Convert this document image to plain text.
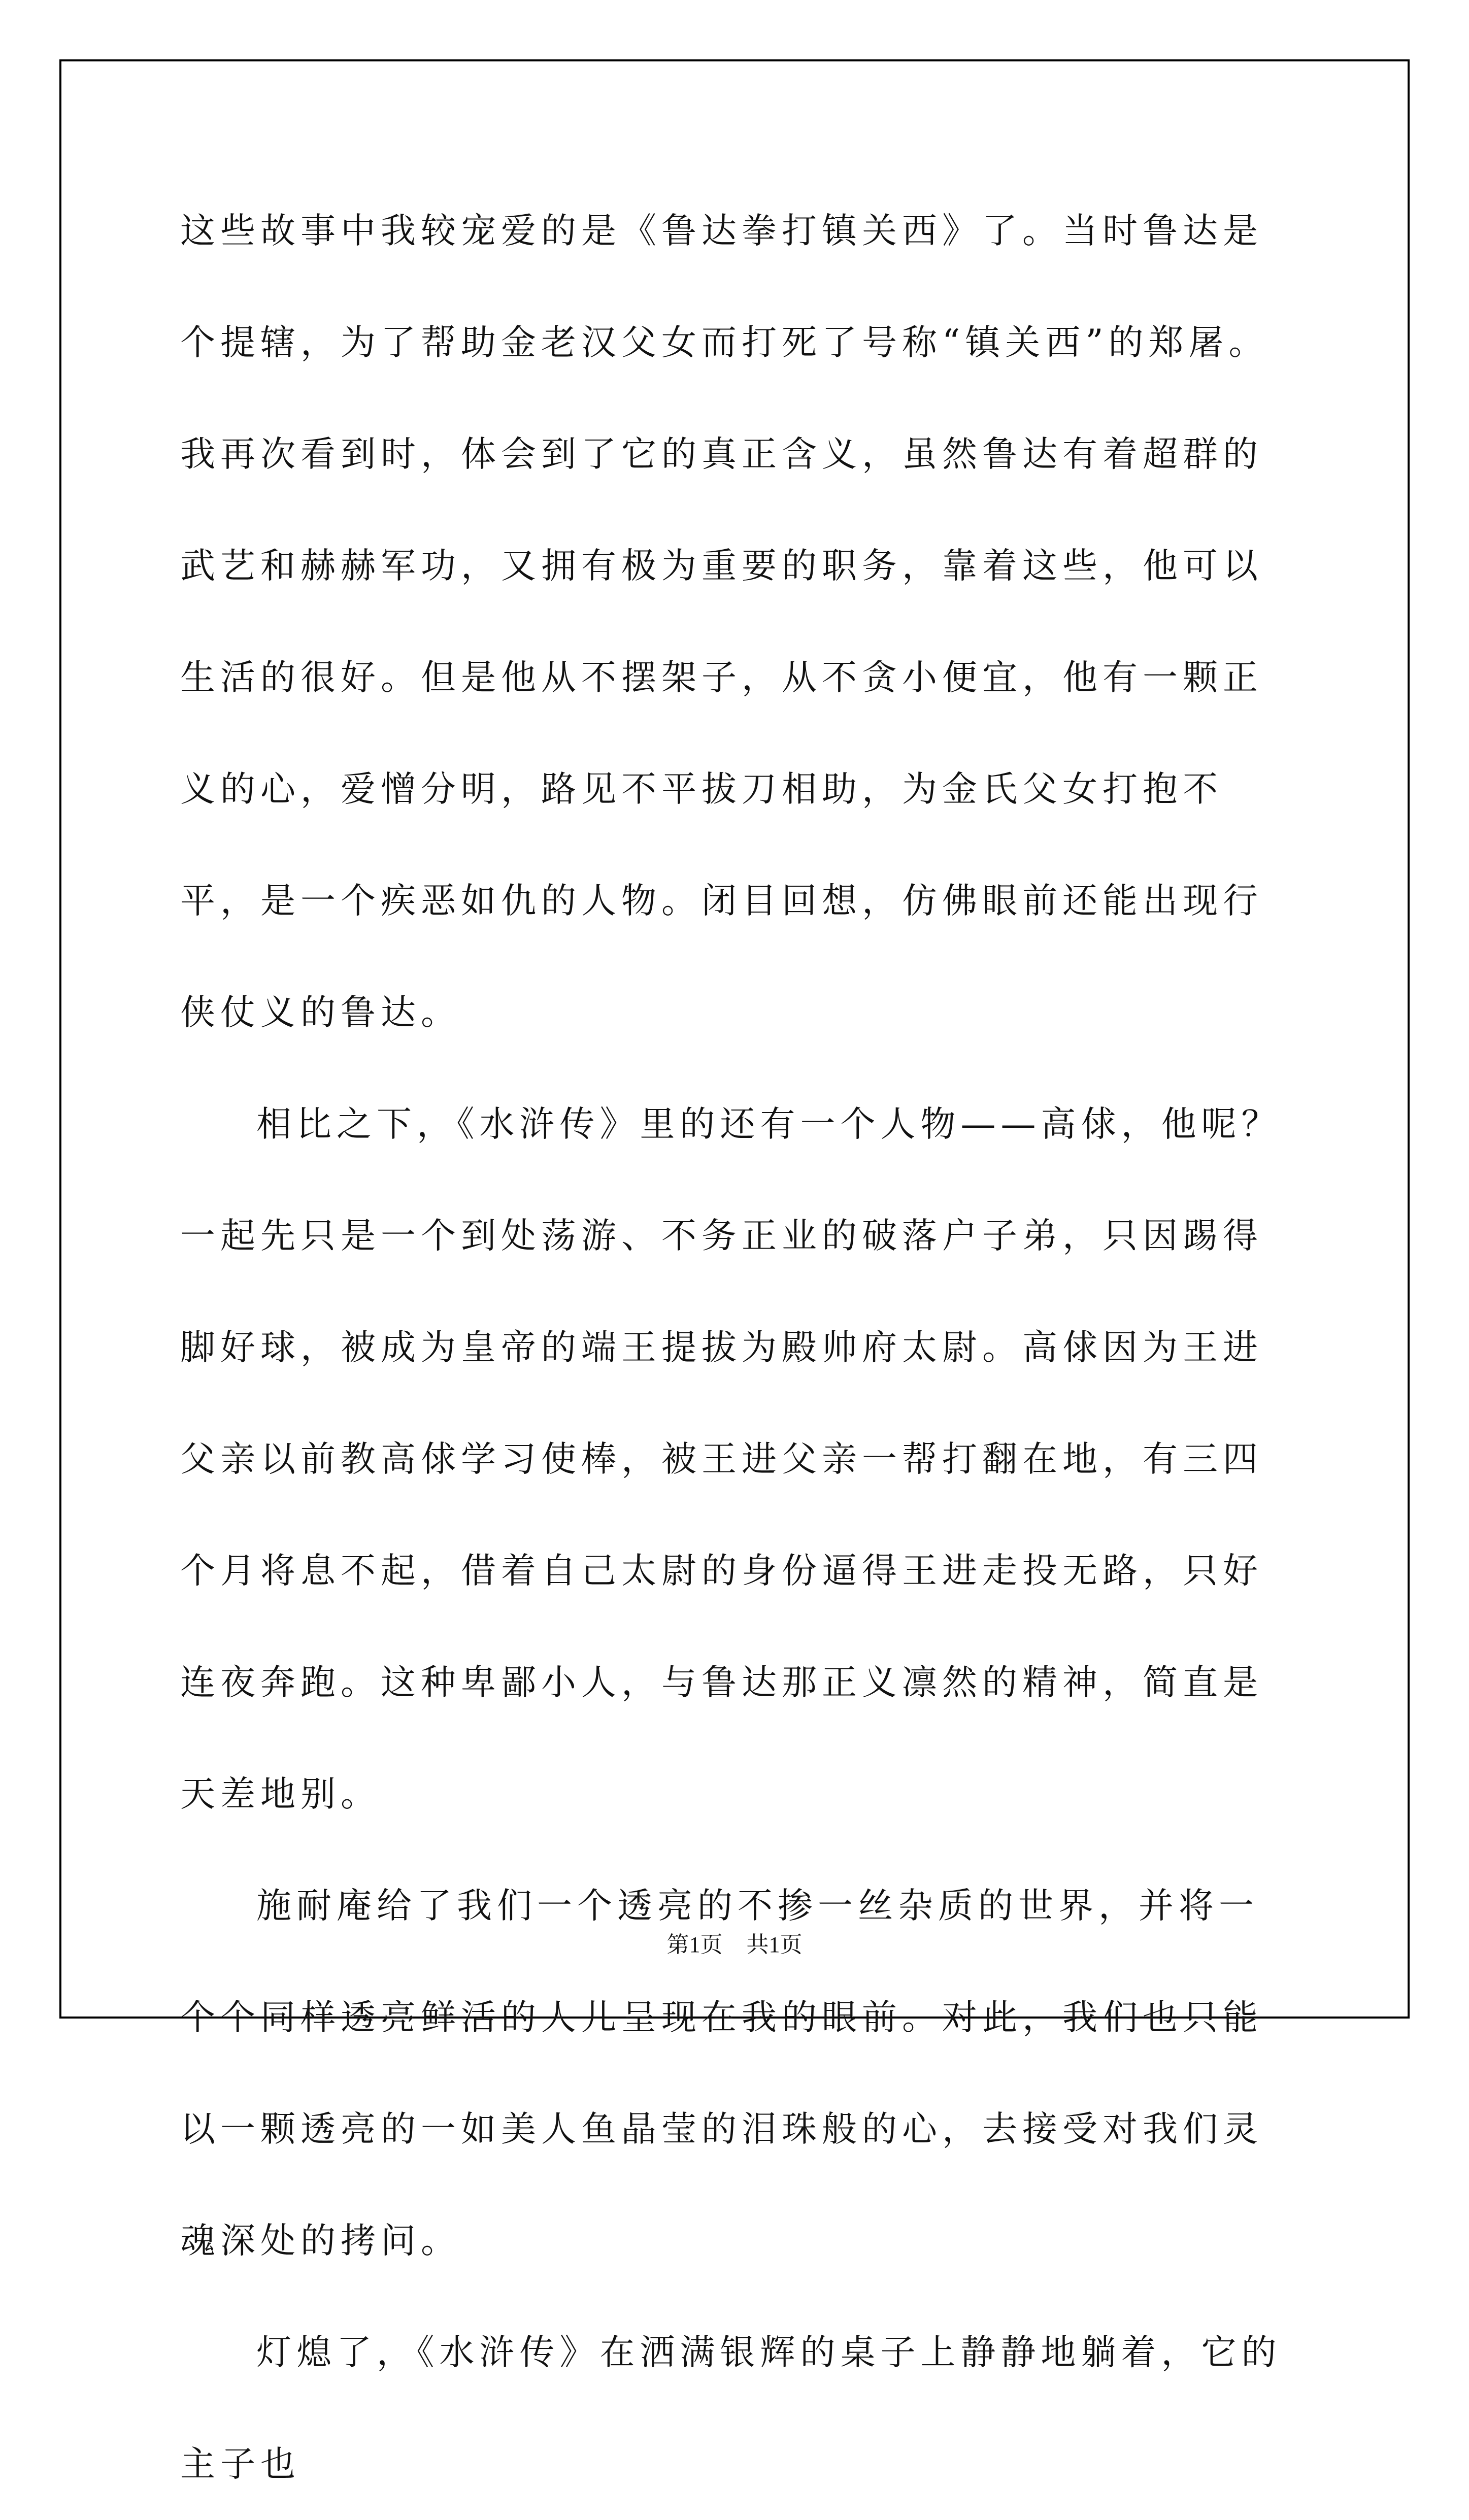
这些故事中我较宠爱的是《鲁达拳打镇关西》了。当时鲁达是个提辖，为了帮助金老汉父女而打死了号称“镇关西”的郑屠。我再次看到时，体会到了它的真正含义，虽然鲁达有着超群的武艺和赫赫军功，又拥有极为重要的职务，靠着这些，他可以生活的很好。但是他从不摆架子，从不贪小便宜，他有一颗正义的心，爱憎分明，路见不平拔刀相助，为金氏父女打抱不平，是一个疾恶如仇的人物。闭目回想，仿佛眼前还能出现行侠仗义的鲁达。

相比之下，《水浒传》里的还有一个人物——高俅，他呢？一起先只是一个到处荡游、不务正业的破落户子弟，只因踢得脚好球，被成为皇帝的端王提拔为殿帅府太尉。高俅因为王进父亲以前教高俅学习使棒，被王进父亲一帮打翻在地，有三四个月将息不起，借着自己太尉的身份逼得王进走投无路，只好连夜奔跑。这种卑鄙小人，与鲁达那正义凛然的精神，简直是天差地别。

施耐庵给了我们一个透亮的不掺一丝杂质的世界，并将一个个同样透亮鲜活的人儿呈现在我的眼前。对此，我们也只能以一颗透亮的一如美人鱼晶莹的泪珠般的心，去接受对我们灵魂深处的拷问。

灯熄了，《水浒传》在洒满银辉的桌子上静静地躺着，它的主子也

第1页 共1页
